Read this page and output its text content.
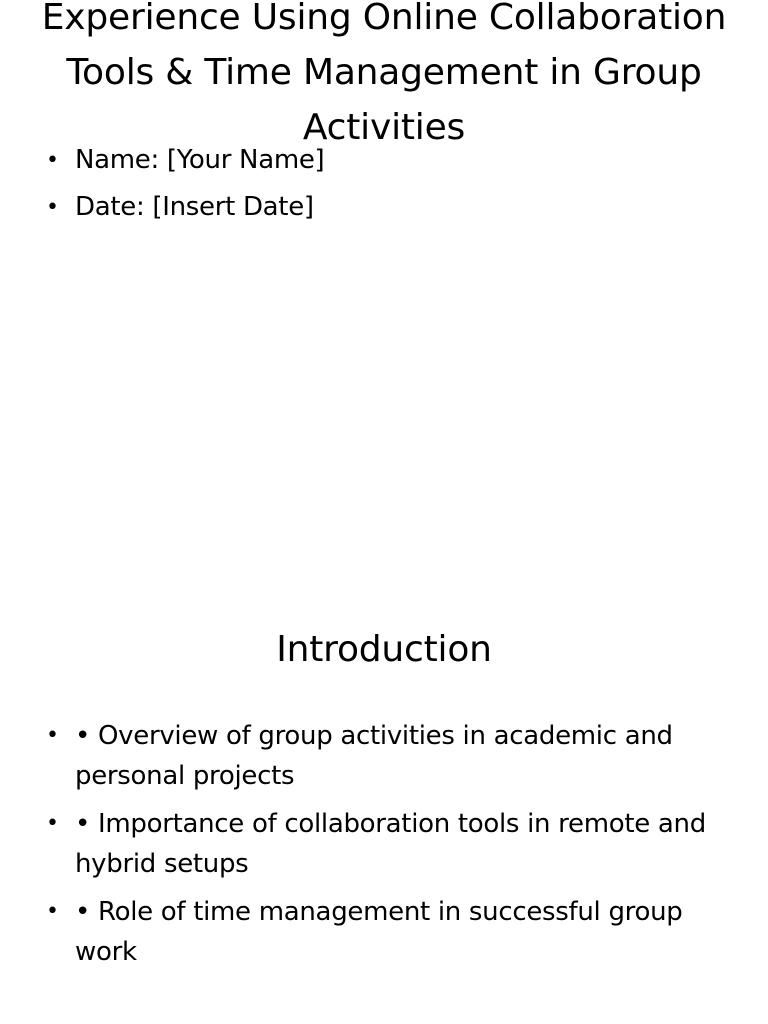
Experience Using Online Collaboration Tools & Time Management in Group Activities
• Name: [Your Name]
• Date: [Insert Date]
Introduction
• • Overview of group activities in academic and personal projects
• • Importance of collaboration tools in remote and hybrid setups
• • Role of time management in successful group work
